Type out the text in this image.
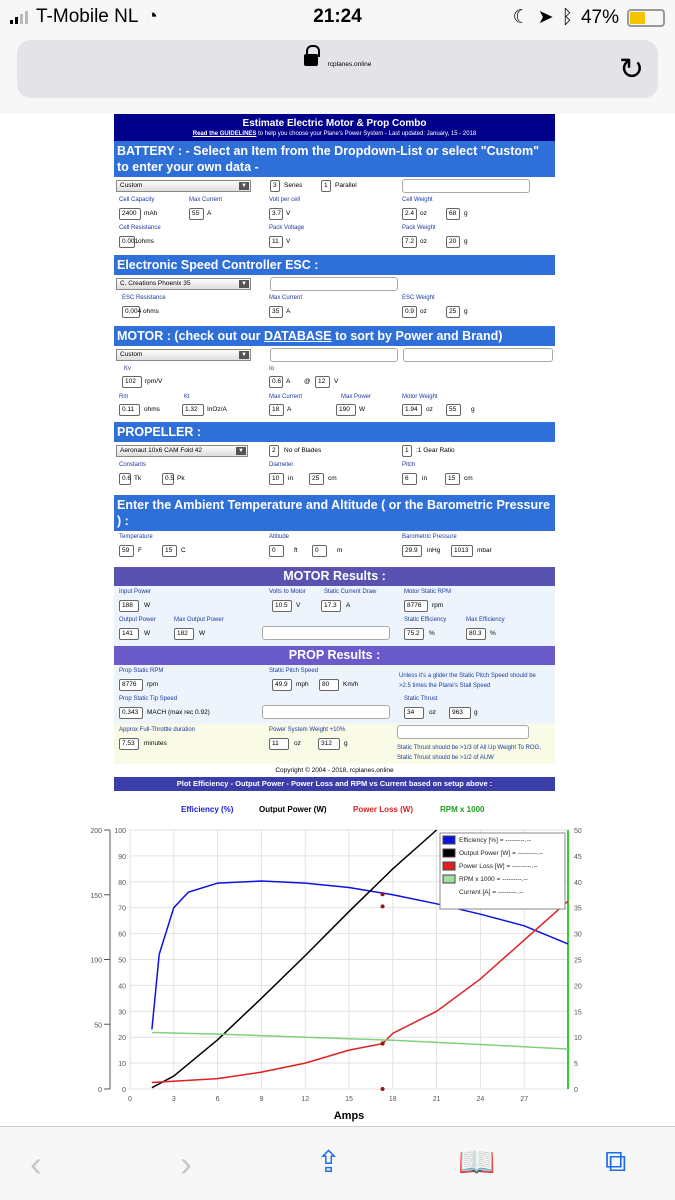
T-Mobile NL ◔	21:24	☾ ➤ ᛒ 47%
rcplanes.online	↻
Estimate Electric Motor & Prop Combo
Read the GUIDELINES to help you choose your Plane's Power System - Last updated: January, 15 - 2018
BATTERY : - Select an Item from the Dropdown-List or select "Custom" to enter your own data -
Custom	▼	3	Series	1	Parallel
Cell Capacity	Max Current	Volt per cell	Cell Weight
2400	mAh	55	A	3.7 V	2.4 oz	68	g
Cell Resistance	Pack Voltage	Pack Weight
0.001 ohms	11	V	7.2 oz	20	g
Electronic Speed Controller ESC :
C. Creations Phoenix 35	▼
ESC Resistance	Max Current	ESC Weight
0.004 ohms	35	A	0.9 oz	25	g
MOTOR : (check out our DATABASE to sort by Power and Brand)
Custom	▼
Kv	Io
102	rpm/V	0.6 A @	12	V
Rm	Kt	Max Current	Max Power	Motor Weight
0.11	ohms	1.32	InOz/A	18	A	190	W	1.94	oz	55	g
PROPELLER :
Aeronaut 10x6 CAM Fold 42	▼	2	No of Blades	1	:1 Gear Ratio
Constants	Diameter	Pitch
0.6 Tk	0.5 Pk	10	in	25	cm	6	in	15	cm
Enter the Ambient Temperature and Altitude ( or the Barometric Pressure ) :
Temperature	Altitude	Barometric Pressure
59	F	15	C	0	ft	0	m	29.9	inHg	1013	mbar
MOTOR Results :
Input Power	Volts to Motor	Static Current Draw	Motor Static RPM
188	W	10.5	V	17.3	A	8776	rpm
Output Power	Max Output Power	Static Efficiency	Max Efficiency
141	W	182	W	75.2	%	80.3	%
PROP Results :
Prop Static RPM	Static Pitch Speed
Unless it's a glider the Static Pitch Speed should be >2.5 times the Plane's Stall Speed
8776	rpm	49.9	mph	80	Km/h
Prop Static Tip Speed	Static Thrust
0.343	MACH (max rec 0.92)	34	oz	963	g
Approx Full-Throttle duration	Power System Weight +10%
7.53	minutes	11	oz	312	g
Static Thrust should be >1/3 of All Up Weight To ROG, Static Thrust should be >1/2 of AUW
Copyright © 2004 - 2018, rcplanes.online
Plot Efficiency - Output Power - Power Loss and RPM vs Current based on setup above :
Efficiency (%)	Output Power (W)	Power Loss (W)	RPM x 1000
100
90
80
70
60
50
40
30
20
10
0
200
150
100
50
0
50
45
40
35
30
25
20
15
10
5
0
0	3	6	9	12	15	18	21	24	27
Amps
Efficiency [%] = ---------.--
Output Power [W] = ---------.--
Power Loss [W] = ---------.--
RPM x 1000 = ---------.--
Current [A] = ---------.--
‹	›	⇪	📖	⧉
